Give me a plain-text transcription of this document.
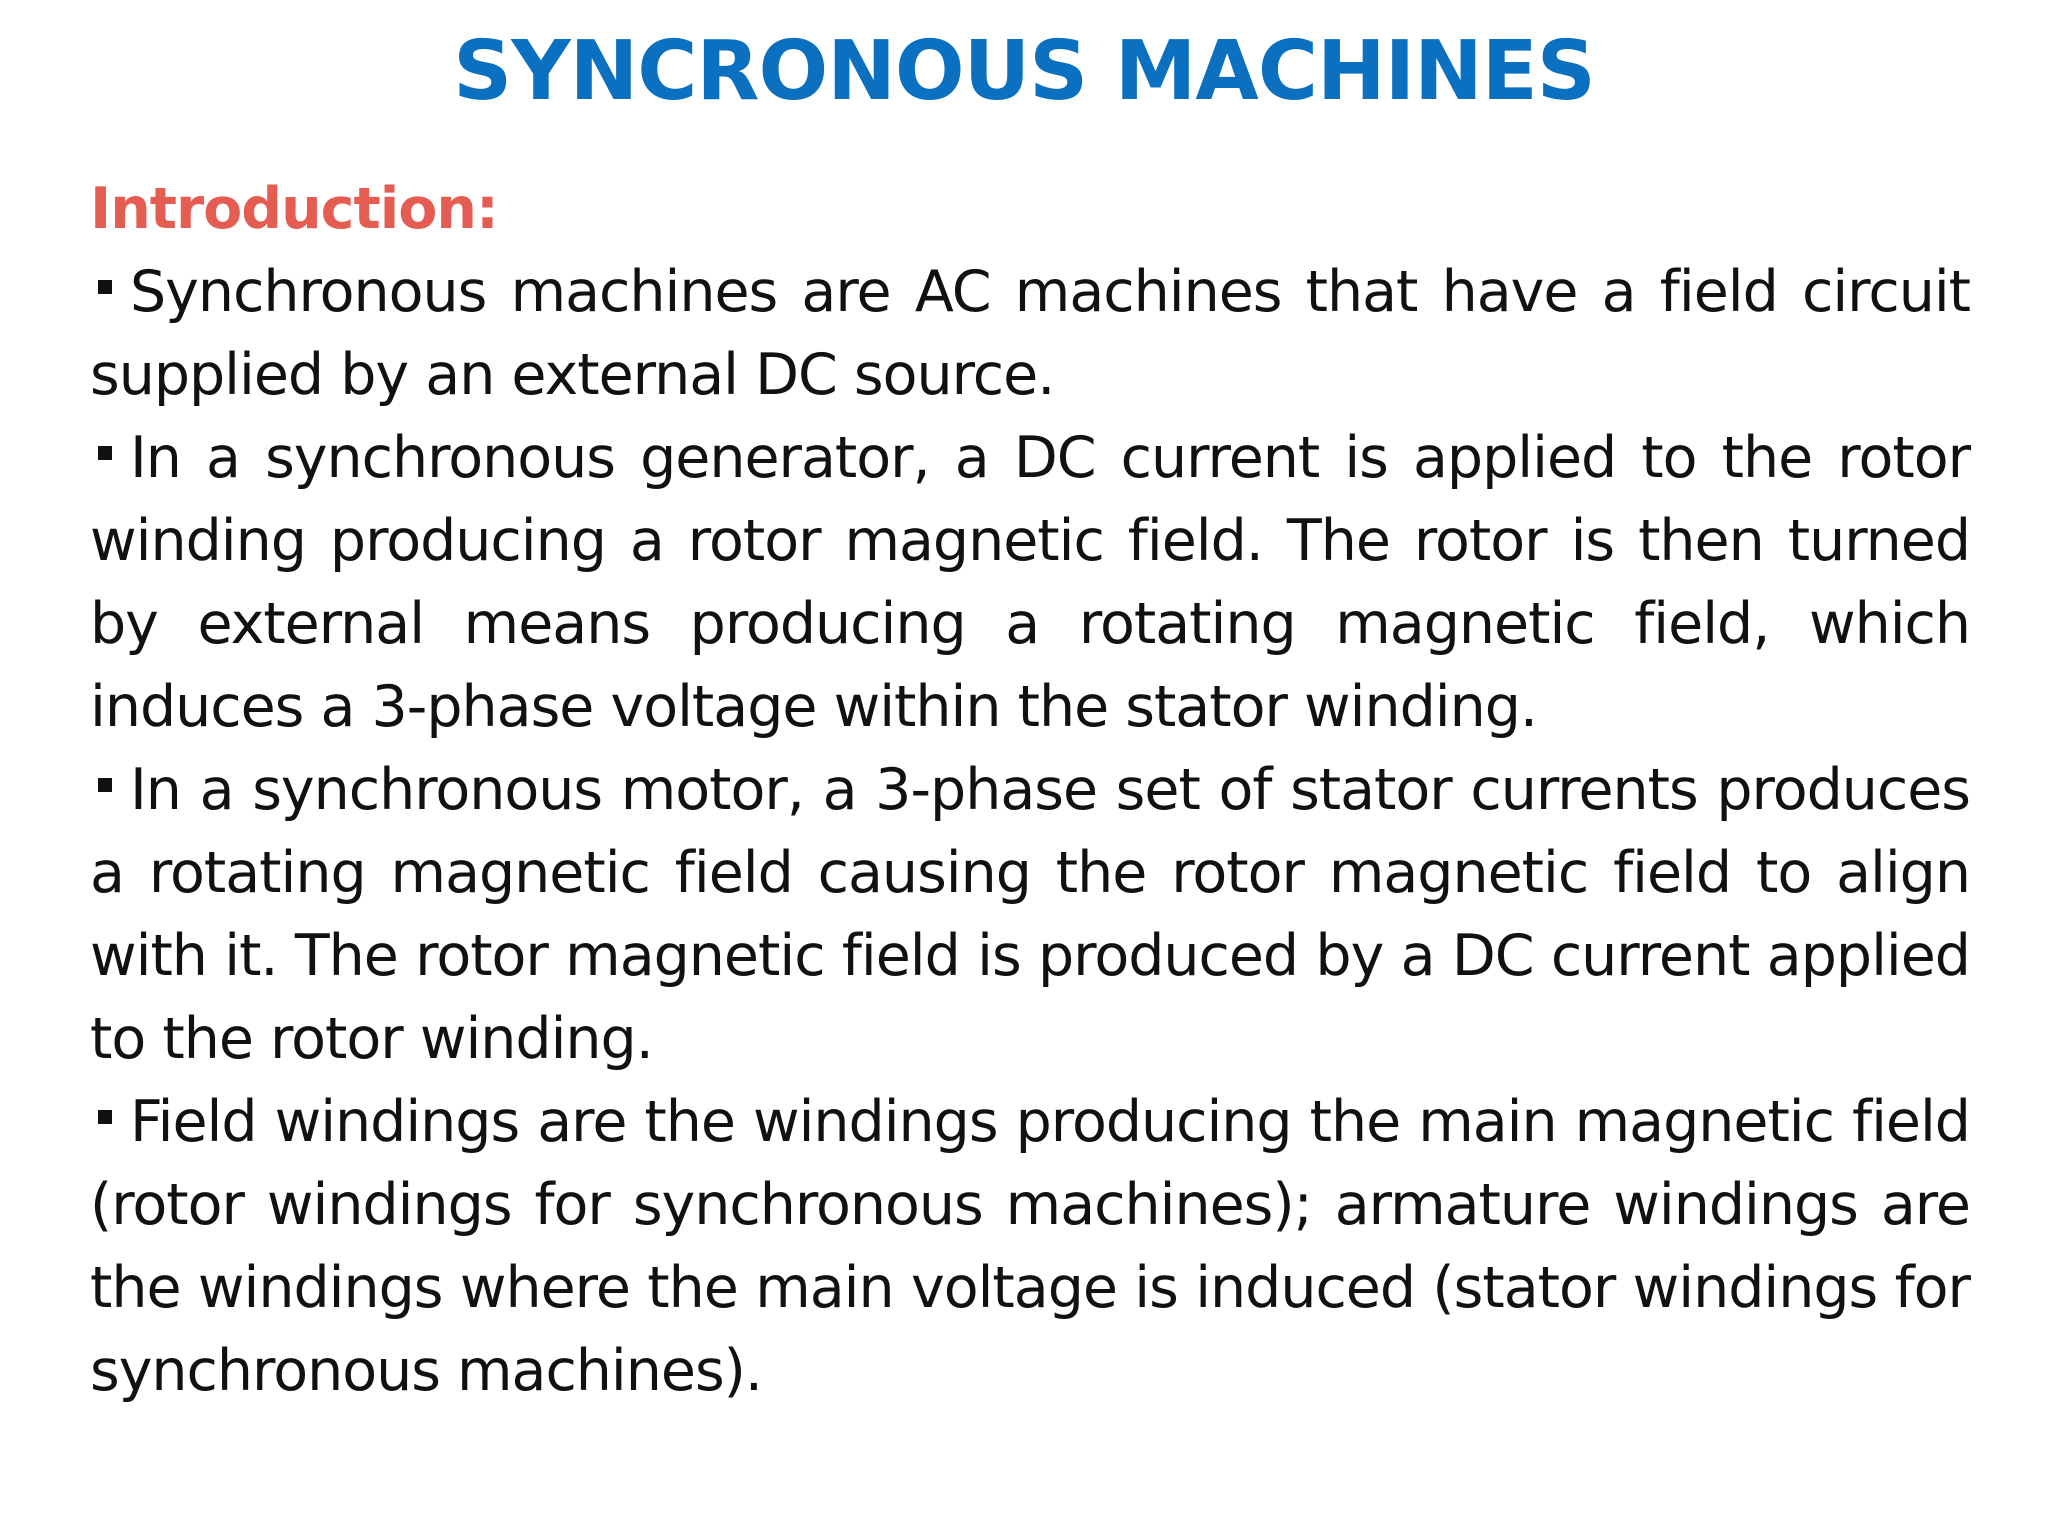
SYNCRONOUS MACHINES

Introduction:

Synchronous machines are AC machines that have a field circuit supplied by an external DC source.

In a synchronous generator, a DC current is applied to the rotor winding producing a rotor magnetic field. The rotor is then turned by external means producing a rotating magnetic field, which induces a 3-phase voltage within the stator winding.

In a synchronous motor, a 3-phase set of stator currents produces a rotating magnetic field causing the rotor magnetic field to align with it. The rotor magnetic field is produced by a DC current applied to the rotor winding.

Field windings are the windings producing the main magnetic field (rotor windings for synchronous machines); armature windings are the windings where the main voltage is induced (stator windings for synchronous machines).
